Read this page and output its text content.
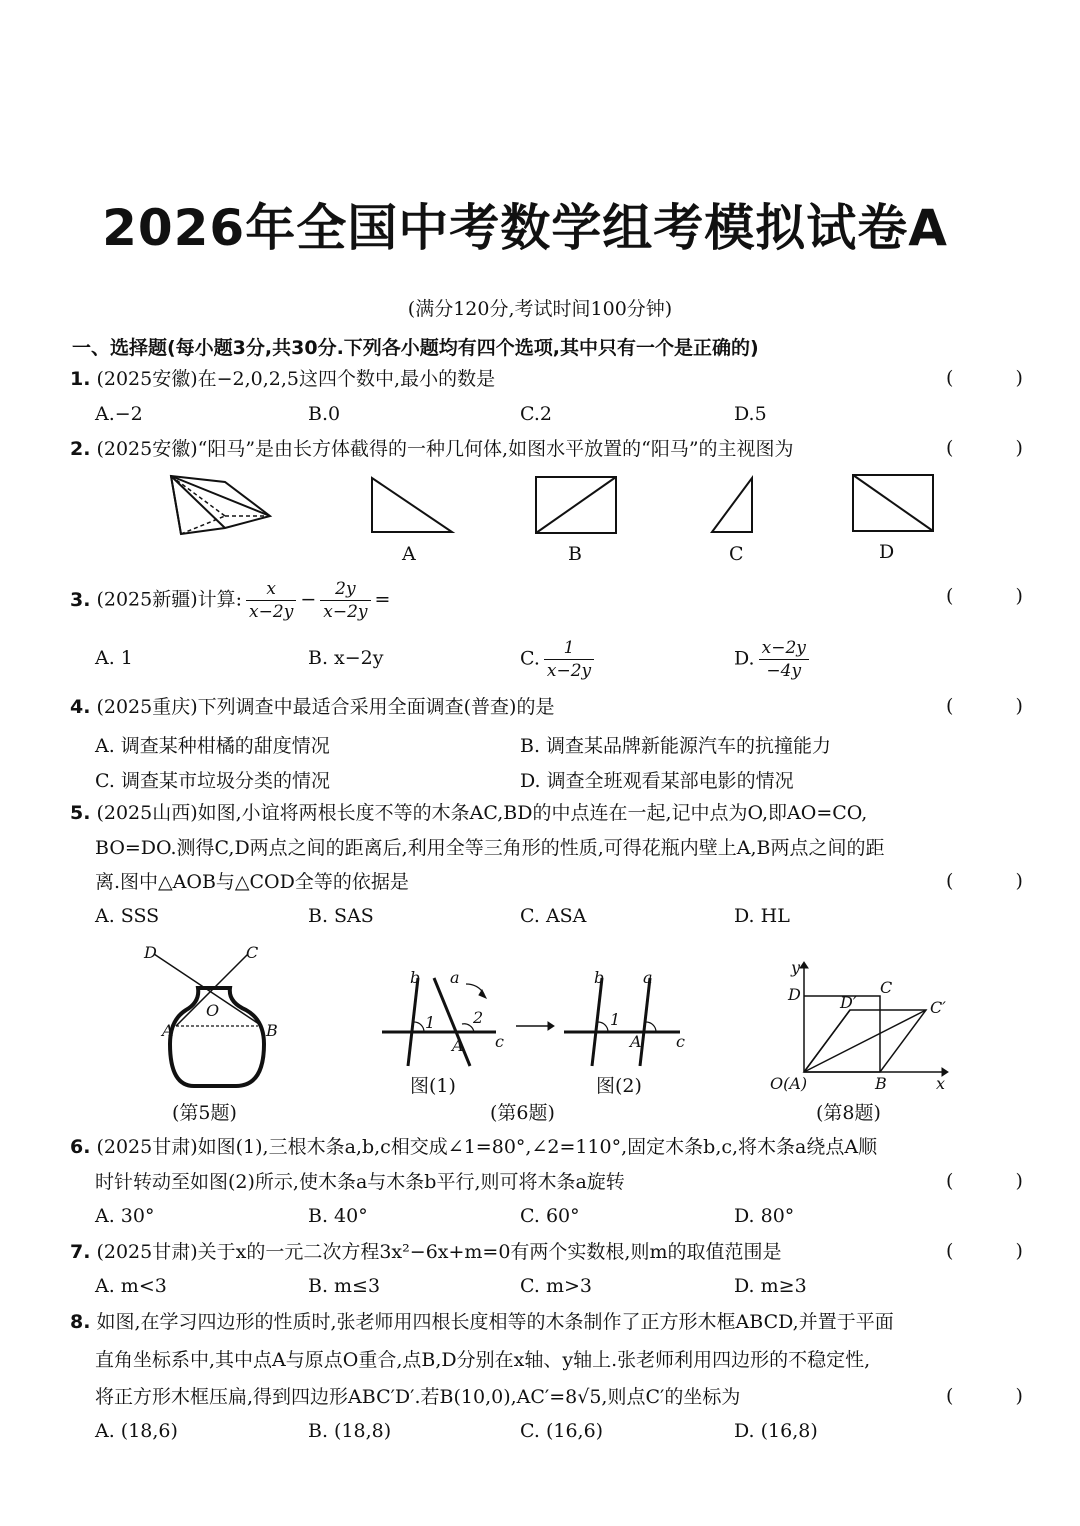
2026年全国中考数学组考模拟试卷A
(满分120分,考试时间100分钟)
一、选择题(每小题3分,共30分.下列各小题均有四个选项,其中只有一个是正确的)
1. (2025安徽)在−2,0,2,5这四个数中,最小的数是	( )
A.−2	B.0	C.2	D.5
2. (2025安徽)“阳马”是由长方体截得的一种几何体,如图水平放置的“阳马”的主视图为	( )
A	B	C	D
3. (2025新疆)计算: $\frac{x}{x-2y} - \frac{2y}{x-2y}$ =	( )
A. 1	B. x−2y	C. $\frac{1}{x-2y}$	D. $\frac{x-2y}{-4y}$
4. (2025重庆)下列调查中最适合采用全面调查(普查)的是	( )
A. 调查某种柑橘的甜度情况	B. 调查某品牌新能源汽车的抗撞能力
C. 调查某市垃圾分类的情况	D. 调查全班观看某部电影的情况
5. (2025山西)如图,小谊将两根长度不等的木条AC,BD的中点连在一起,记中点为O,即AO=CO,
BO=DO.测得C,D两点之间的距离后,利用全等三角形的性质,可得花瓶内壁上A,B两点之间的距
离.图中△AOB与△COD全等的依据是	( )
A. SSS	B. SAS	C. ASA	D. HL
D	C
O
A	B
(第5题)
b a
1 2
A c
b a
1
A c
图(1)	图(2)
(第6题)
y
D	C
D′	C′
O(A)	B	x
(第8题)
6. (2025甘肃)如图(1),三根木条a,b,c相交成∠1=80°,∠2=110°,固定木条b,c,将木条a绕点A顺
时针转动至如图(2)所示,使木条a与木条b平行,则可将木条a旋转	( )
A. 30°	B. 40°	C. 60°	D. 80°
7. (2025甘肃)关于x的一元二次方程3x²−6x+m=0有两个实数根,则m的取值范围是	( )
A. m<3	B. m≤3	C. m>3	D. m≥3
8. 如图,在学习四边形的性质时,张老师用四根长度相等的木条制作了正方形木框ABCD,并置于平面
直角坐标系中,其中点A与原点O重合,点B,D分别在x轴、y轴上.张老师利用四边形的不稳定性,
将正方形木框压扁,得到四边形ABC′D′.若B(10,0),AC′=8√5,则点C′的坐标为	( )
A. (18,6)	B. (18,8)	C. (16,6)	D. (16,8)
